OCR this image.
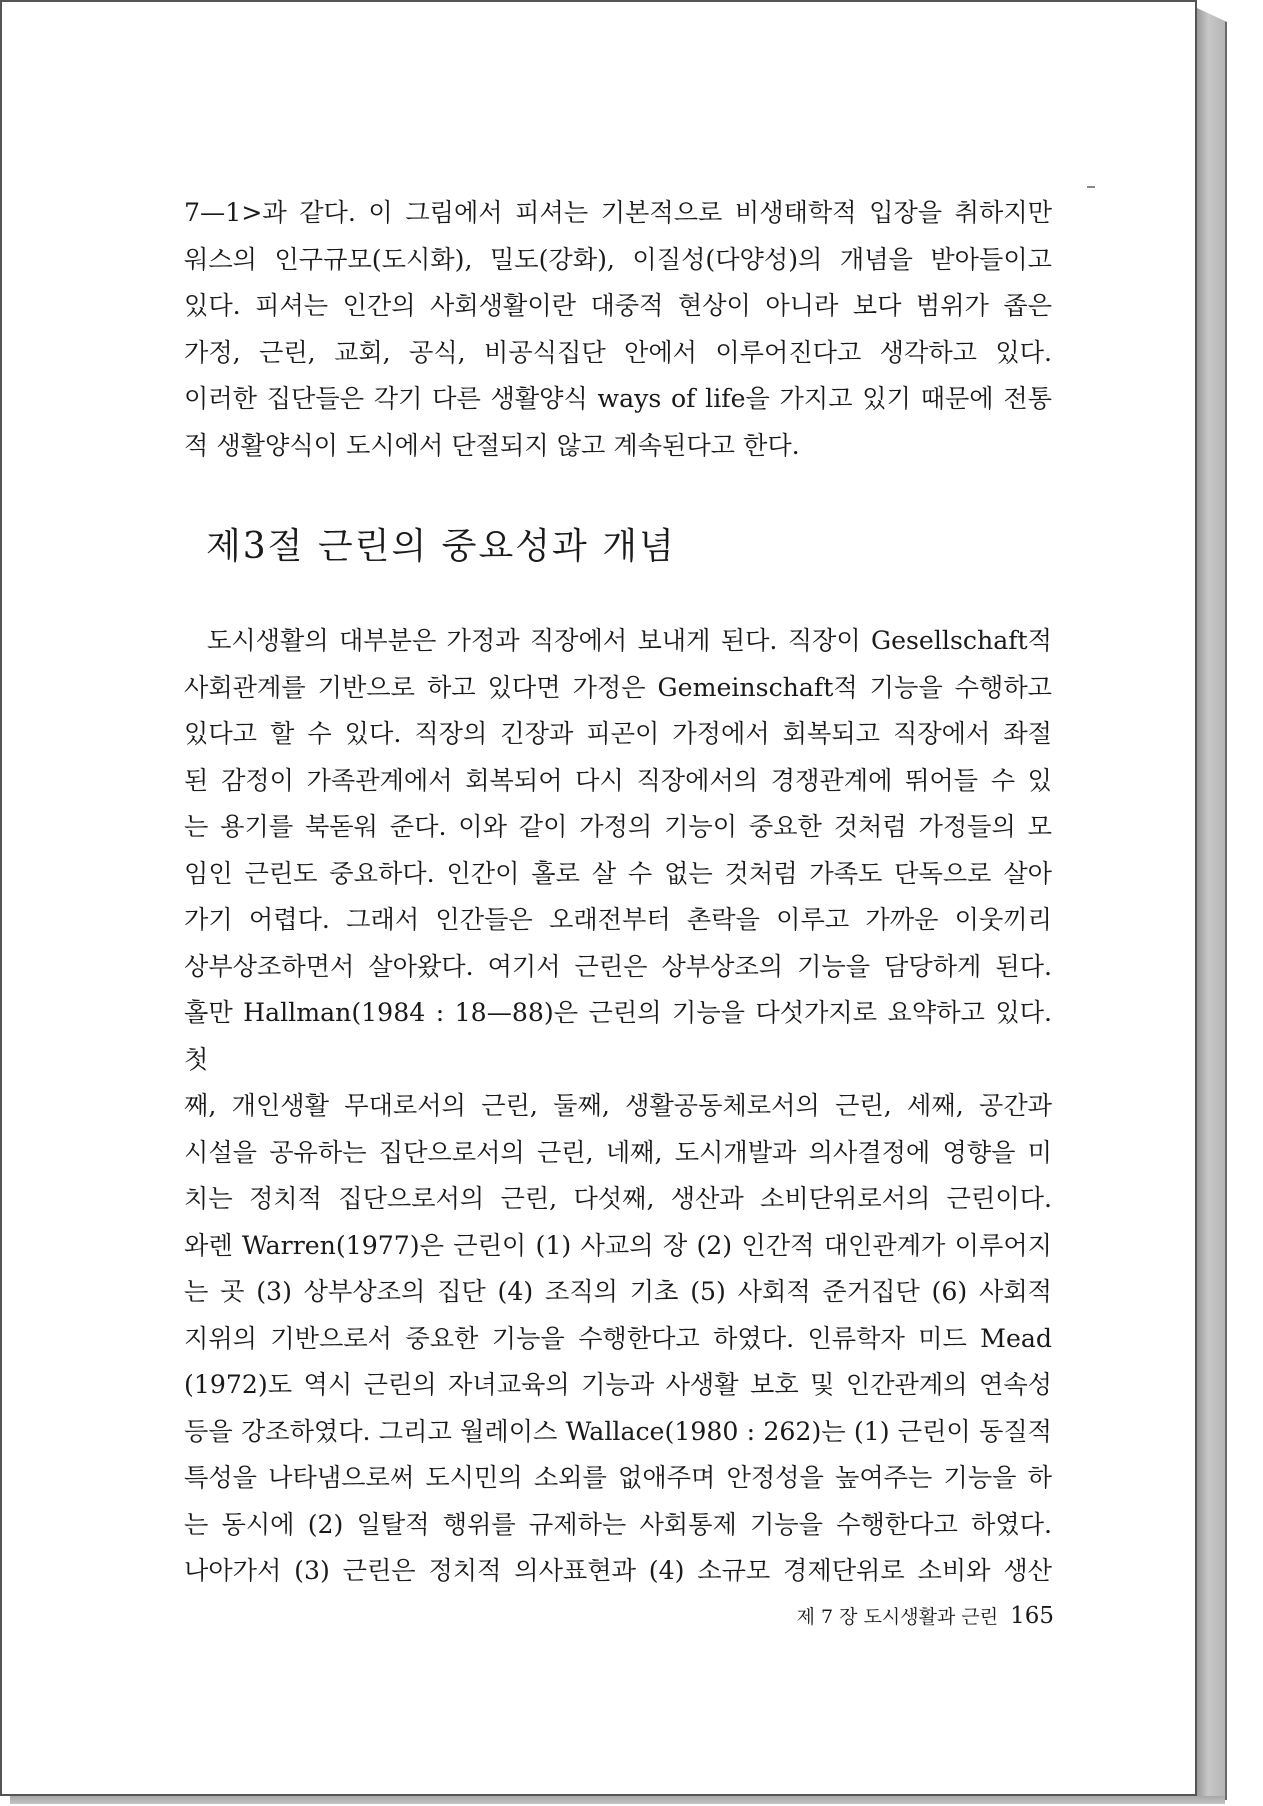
7—1>과 같다. 이 그림에서 피셔는 기본적으로 비생태학적 입장을 취하지만
워스의 인구규모(도시화), 밀도(강화), 이질성(다양성)의 개념을 받아들이고
있다. 피셔는 인간의 사회생활이란 대중적 현상이 아니라 보다 범위가 좁은
가정, 근린, 교회, 공식, 비공식집단 안에서 이루어진다고 생각하고 있다.
이러한 집단들은 각기 다른 생활양식 ways of life을 가지고 있기 때문에 전통
적 생활양식이 도시에서 단절되지 않고 계속된다고 한다.
제3절 근린의 중요성과 개념
도시생활의 대부분은 가정과 직장에서 보내게 된다. 직장이 Gesellschaft적
사회관계를 기반으로 하고 있다면 가정은 Gemeinschaft적 기능을 수행하고
있다고 할 수 있다. 직장의 긴장과 피곤이 가정에서 회복되고 직장에서 좌절
된 감정이 가족관계에서 회복되어 다시 직장에서의 경쟁관계에 뛰어들 수 있
는 용기를 북돋워 준다. 이와 같이 가정의 기능이 중요한 것처럼 가정들의 모
임인 근린도 중요하다. 인간이 홀로 살 수 없는 것처럼 가족도 단독으로 살아
가기 어렵다. 그래서 인간들은 오래전부터 촌락을 이루고 가까운 이웃끼리
상부상조하면서 살아왔다. 여기서 근린은 상부상조의 기능을 담당하게 된다.
홀만 Hallman(1984 : 18—88)은 근린의 기능을 다섯가지로 요약하고 있다. 첫
째, 개인생활 무대로서의 근린, 둘째, 생활공동체로서의 근린, 세째, 공간과
시설을 공유하는 집단으로서의 근린, 네째, 도시개발과 의사결정에 영향을 미
치는 정치적 집단으로서의 근린, 다섯째, 생산과 소비단위로서의 근린이다.
와렌 Warren(1977)은 근린이 (1) 사교의 장 (2) 인간적 대인관계가 이루어지
는 곳 (3) 상부상조의 집단 (4) 조직의 기초 (5) 사회적 준거집단 (6) 사회적
지위의 기반으로서 중요한 기능을 수행한다고 하였다. 인류학자 미드 Mead
(1972)도 역시 근린의 자녀교육의 기능과 사생활 보호 및 인간관계의 연속성
등을 강조하였다. 그리고 월레이스 Wallace(1980 : 262)는 (1) 근린이 동질적
특성을 나타냄으로써 도시민의 소외를 없애주며 안정성을 높여주는 기능을 하
는 동시에 (2) 일탈적 행위를 규제하는 사회통제 기능을 수행한다고 하였다.
나아가서 (3) 근린은 정치적 의사표현과 (4) 소규모 경제단위로 소비와 생산
제 7 장 도시생활과 근린 165
